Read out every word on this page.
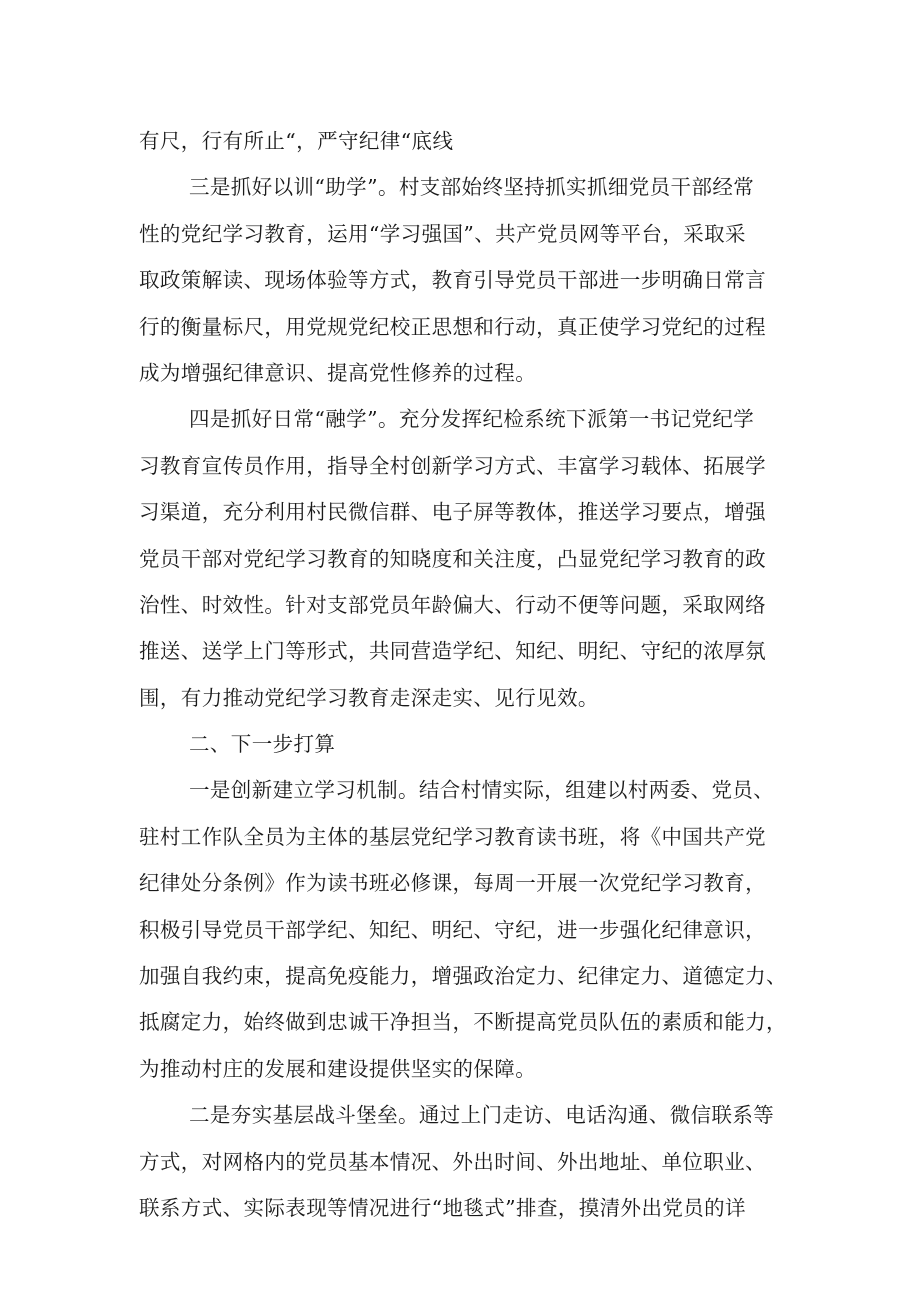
有尺，行有所止“，严守纪律“底线
三是抓好以训“助学”。村支部始终坚持抓实抓细党员干部经常
性的党纪学习教育，运用“学习强国”、共产党员网等平台，采取采
取政策解读、现场体验等方式，教育引导党员干部进一步明确日常言
行的衡量标尺，用党规党纪校正思想和行动，真正使学习党纪的过程
成为增强纪律意识、提高党性修养的过程。
四是抓好日常“融学”。充分发挥纪检系统下派第一书记党纪学
习教育宣传员作用，指导全村创新学习方式、丰富学习载体、拓展学
习渠道，充分利用村民微信群、电子屏等教体，推送学习要点，增强
党员干部对党纪学习教育的知晓度和关注度，凸显党纪学习教育的政
治性、时效性。针对支部党员年龄偏大、行动不便等问题，采取网络
推送、送学上门等形式，共同营造学纪、知纪、明纪、守纪的浓厚氛
围，有力推动党纪学习教育走深走实、见行见效。
二、下一步打算
一是创新建立学习机制。结合村情实际，组建以村两委、党员、
驻村工作队全员为主体的基层党纪学习教育读书班，将《中国共产党
纪律处分条例》作为读书班必修课，每周一开展一次党纪学习教育，
积极引导党员干部学纪、知纪、明纪、守纪，进一步强化纪律意识，
加强自我约束，提高免疫能力，增强政治定力、纪律定力、道德定力、
抵腐定力，始终做到忠诚干净担当，不断提高党员队伍的素质和能力，
为推动村庄的发展和建设提供坚实的保障。
二是夯实基层战斗堡垒。通过上门走访、电话沟通、微信联系等
方式，对网格内的党员基本情况、外出时间、外出地址、单位职业、
联系方式、实际表现等情况进行“地毯式”排查，摸清外出党员的详
